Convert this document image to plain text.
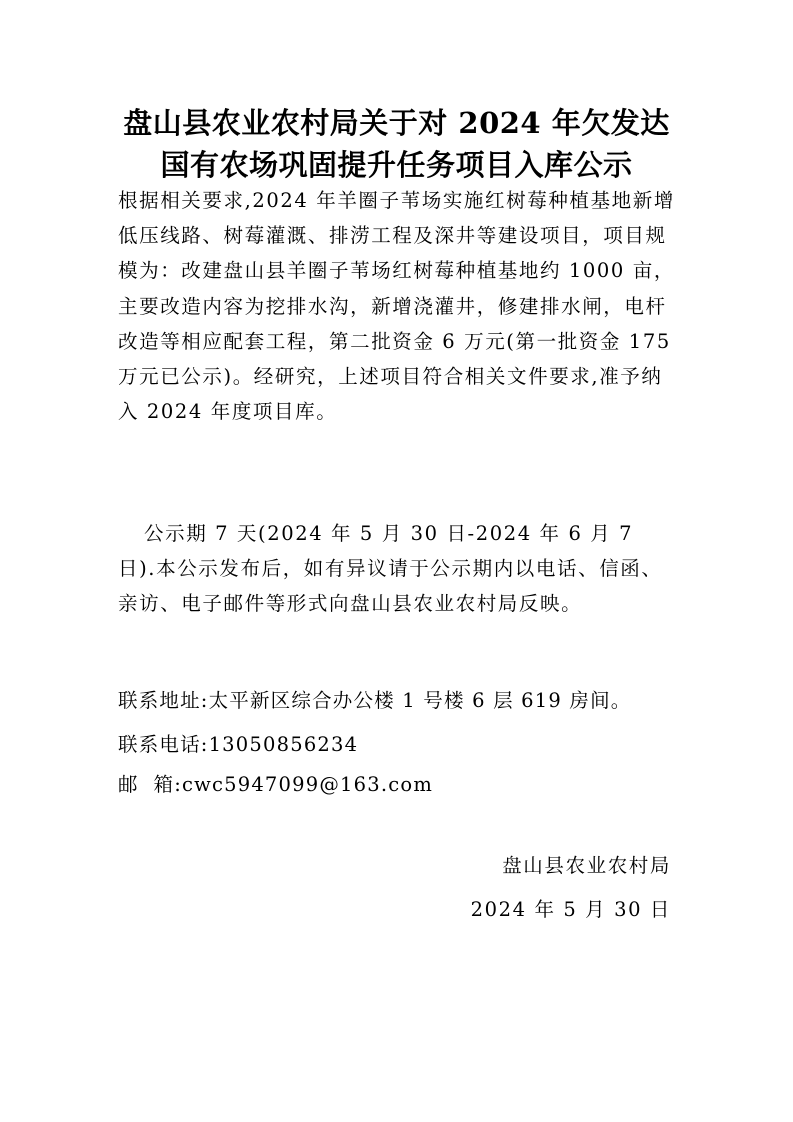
盘山县农业农村局关于对 2024 年欠发达
国有农场巩固提升任务项目入库公示

根据相关要求,2024 年羊圈子苇场实施红树莓种植基地新增低压线路、树莓灌溉、排涝工程及深井等建设项目，项目规模为：改建盘山县羊圈子苇场红树莓种植基地约 1000 亩，主要改造内容为挖排水沟，新增浇灌井，修建排水闸，电杆改造等相应配套工程，第二批资金 6 万元(第一批资金 175 万元已公示)。经研究，上述项目符合相关文件要求,准予纳入 2024 年度项目库。

公示期 7 天(2024 年 5 月 30 日-2024 年 6 月 7 日).本公示发布后，如有异议请于公示期内以电话、信函、亲访、电子邮件等形式向盘山县农业农村局反映。

联系地址:太平新区综合办公楼 1 号楼 6 层 619 房间。

联系电话:13050856234

邮  箱:cwc5947099@163.com

盘山县农业农村局

2024 年 5 月 30 日
